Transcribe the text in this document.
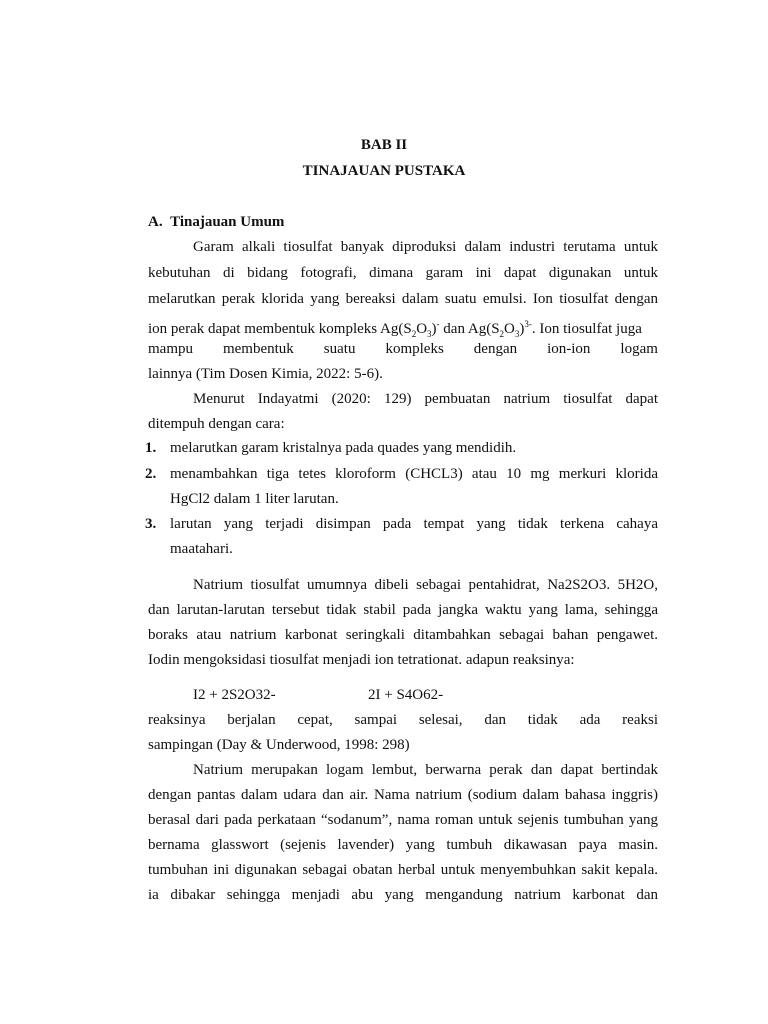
BAB II
TINAJAUAN PUSTAKA
A. Tinajauan Umum
Garam alkali tiosulfat banyak diproduksi dalam industri terutama untuk
kebutuhan di bidang fotografi, dimana garam ini dapat digunakan untuk
melarutkan perak klorida yang bereaksi dalam suatu emulsi. Ion tiosulfat dengan
ion perak dapat membentuk kompleks $Ag(S_2O_3)^-$ dan $Ag(S_2O_3)^{3-}$. Ion tiosulfat juga
mampu membentuk suatu kompleks dengan ion-ion logam
lainnya (Tim Dosen Kimia, 2022: 5-6).
Menurut Indayatmi (2020: 129) pembuatan natrium tiosulfat dapat
ditempuh dengan cara:
1. melarutkan garam kristalnya pada quades yang mendidih.
2. menambahkan tiga tetes kloroform (CHCL3) atau 10 mg merkuri klorida
HgCl2 dalam 1 liter larutan.
3. larutan yang terjadi disimpan pada tempat yang tidak terkena cahaya
maatahari.
Natrium tiosulfat umumnya dibeli sebagai pentahidrat, Na2S2O3. 5H2O,
dan larutan-larutan tersebut tidak stabil pada jangka waktu yang lama, sehingga
boraks atau natrium karbonat seringkali ditambahkan sebagai bahan pengawet.
Iodin mengoksidasi tiosulfat menjadi ion tetrationat. adapun reaksinya:
I2 + 2S2O32-	2I + S4O62-
reaksinya berjalan cepat, sampai selesai, dan tidak ada reaksi
sampingan (Day & Underwood, 1998: 298)
Natrium merupakan logam lembut, berwarna perak dan dapat bertindak
dengan pantas dalam udara dan air. Nama natrium (sodium dalam bahasa inggris)
berasal dari pada perkataan “sodanum”, nama roman untuk sejenis tumbuhan yang
bernama glasswort (sejenis lavender) yang tumbuh dikawasan paya masin.
tumbuhan ini digunakan sebagai obatan herbal untuk menyembuhkan sakit kepala.
ia dibakar sehingga menjadi abu yang mengandung natrium karbonat dan
